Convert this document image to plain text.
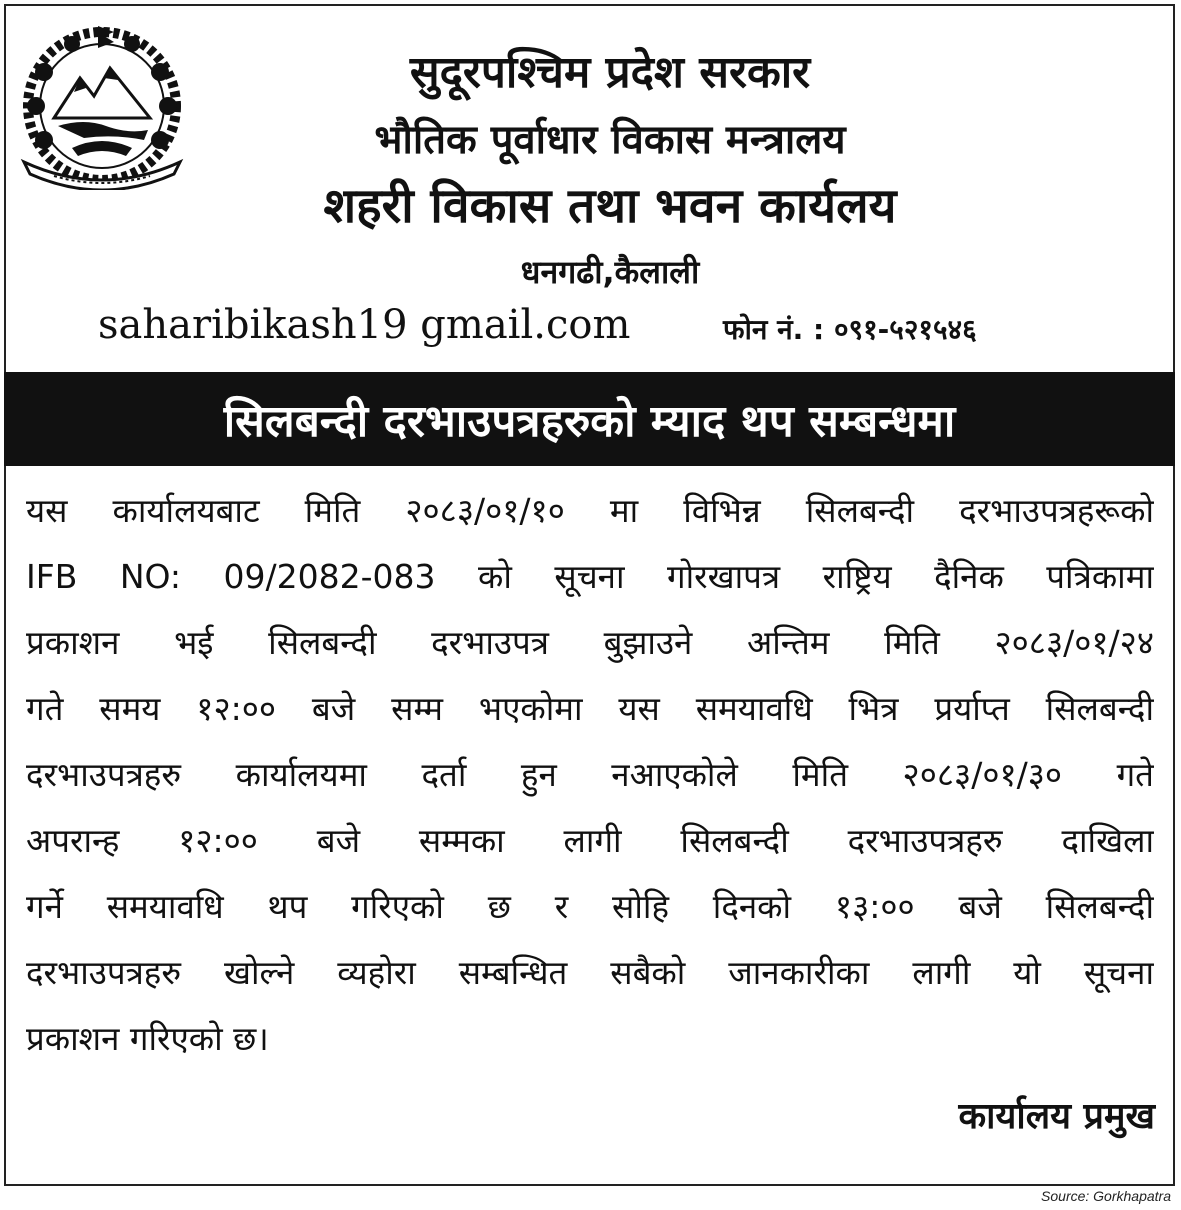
सुदूरपश्चिम प्रदेश सरकार
भौतिक पूर्वाधार विकास मन्त्रालय
शहरी विकास तथा भवन कार्यलय
धनगढी,कैलाली
saharibikash19 gmail.com	फोन नं. : ०९१-५२१५४६
सिलबन्दी दरभाउपत्रहरुको म्याद थप सम्बन्धमा
यस कार्यालयबाट मिति २०८३/०१/१० मा विभिन्न सिलबन्दी दरभाउपत्रहरूको
IFB NO: 09/2082-083 को सूचना गोरखापत्र राष्ट्रिय दैनिक पत्रिकामा
प्रकाशन भई सिलबन्दी दरभाउपत्र बुझाउने अन्तिम मिति २०८३/०१/२४
गते समय १२:०० बजे सम्म भएकोमा यस समयावधि भित्र प्रर्याप्त सिलबन्दी
दरभाउपत्रहरु कार्यालयमा दर्ता हुन नआएकोले मिति २०८३/०१/३० गते
अपरान्ह १२:०० बजे सम्मका लागी सिलबन्दी दरभाउपत्रहरु दाखिला
गर्ने समयावधि थप गरिएको छ र सोहि दिनको १३:०० बजे सिलबन्दी
दरभाउपत्रहरु खोल्ने व्यहोरा सम्बन्धित सबैको जानकारीका लागी यो सूचना
प्रकाशन गरिएको छ।
कार्यालय प्रमुख
Source: Gorkhapatra
